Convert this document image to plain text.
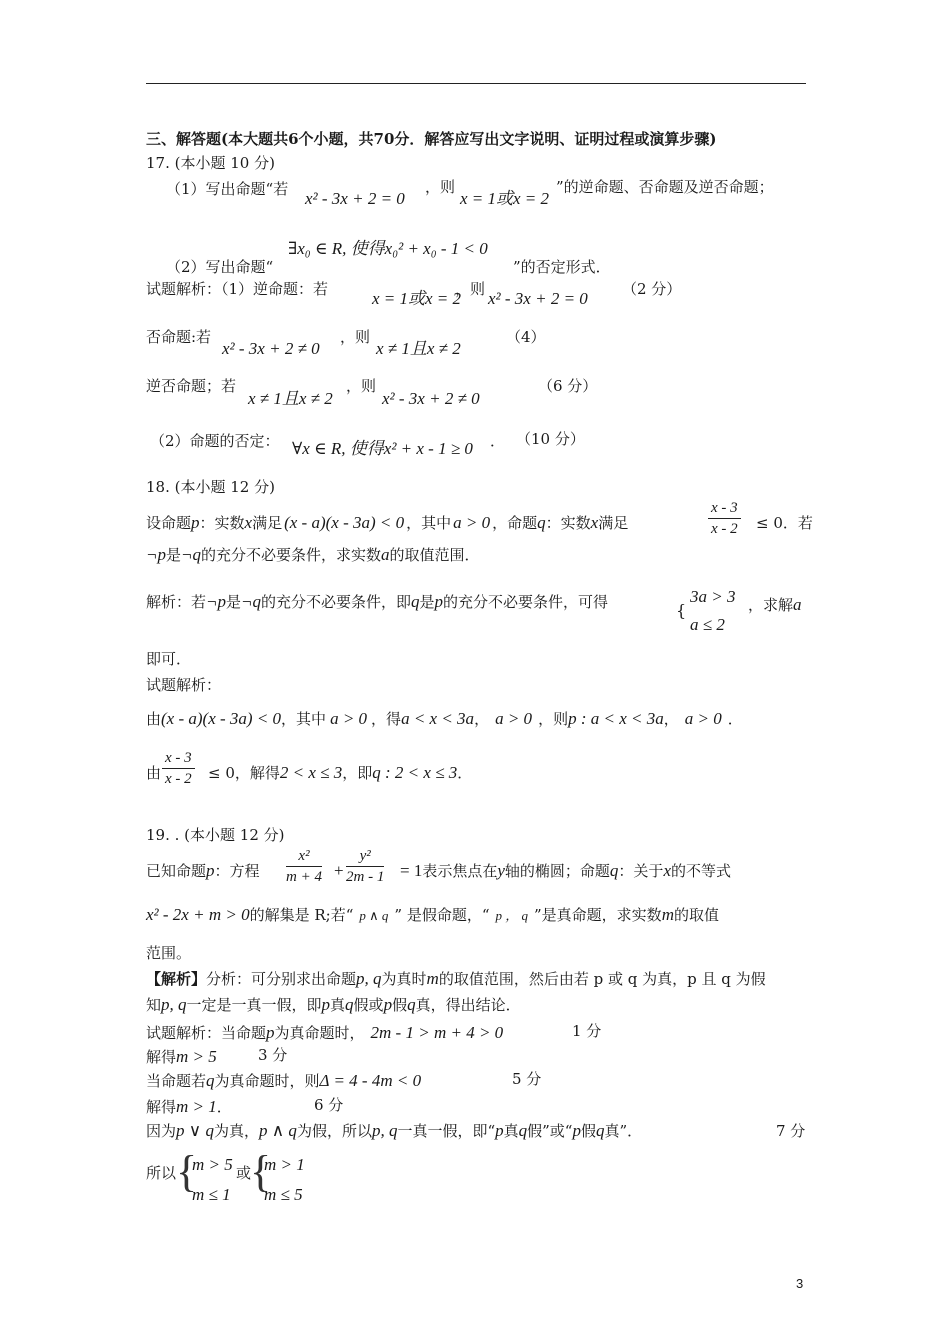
三、解答题(本大题共6个小题，共70分．解答应写出文字说明、证明过程或演算步骤)
17. (本小题 10 分)
（1）写出命题“若 x² - 3x + 2 = 0
，则
x = 1或x = 2
”的逆命题、否命题及逆否命题；
∃x₀ ∈ R, 使得x₀² + x₀ - 1 < 0
（2）写出命题“	”的否定形式．
试题解析：（1）逆命题：若	x = 1或x = 2
，则 x² - 3x + 2 = 0 （2 分）
否命题:若
x² - 3x + 2 ≠ 0
，则
x ≠ 1且x ≠ 2
（4）
逆否命题；若
x ≠ 1且x ≠ 2
，则
x² - 3x + 2 ≠ 0
（6 分）
（2）命题的否定： ∀x ∈ R, 使得x² + x - 1 ≥ 0 ． （10 分）
18. (本小题 12 分)
设命题p：实数x满足 (x - a)(x - 3a) < 0 ，其中 a > 0 ，命题q：实数x满足	$\frac{x - 3}{x - 2} \le 0$．若
¬p是¬q的充分不必要条件，求实数a的取值范围．
解析：若¬p是¬q的充分不必要条件，即q是p的充分不必要条件，可得	{
3a > 3
a ≤ 2
，求解a
即可．
试题解析：
由(x - a)(x - 3a) < 0，其中 a > 0 ，得a < x < 3a， a > 0 ，则p : a < x < 3a， a > 0 ．
由 $\frac{x - 3}{x - 2} \le 0$，解得2 < x ≤ 3，即q : 2 < x ≤ 3．
19. . (本小题 12 分)
已知命题p：方程 $\frac{\text{x²}}{m + 4} + \frac{\text{y²}}{2m - 1} = 1$表示焦点在y轴的椭圆；命题q：关于x的不等式
x² - 2x + m > 0的解集是 R;若“ p ∧ q ” 是假命题，“ p ， q ”是真命题，求实数m的取值
范围。
【解析】分析：可分别求出命题p, q为真时m的取值范围，然后由若 p 或 q 为真，p 且 q 为假
知p, q一定是一真一假，即p真q假或p假q真，得出结论．
试题解析：当命题p为真命题时， 2m - 1 > m + 4 > 0	1 分
解得m > 5	3 分
当命题若q为真命题时，则Δ = 4 - 4m < 0	5 分
解得m > 1．	6 分
因为p ∨ q为真，p ∧ q为假，所以p, q一真一假，即“p真q假”或“p假q真”．	7 分
所以 {
m > 5
m ≤ 1
或
{
m > 1
m ≤ 5
3
